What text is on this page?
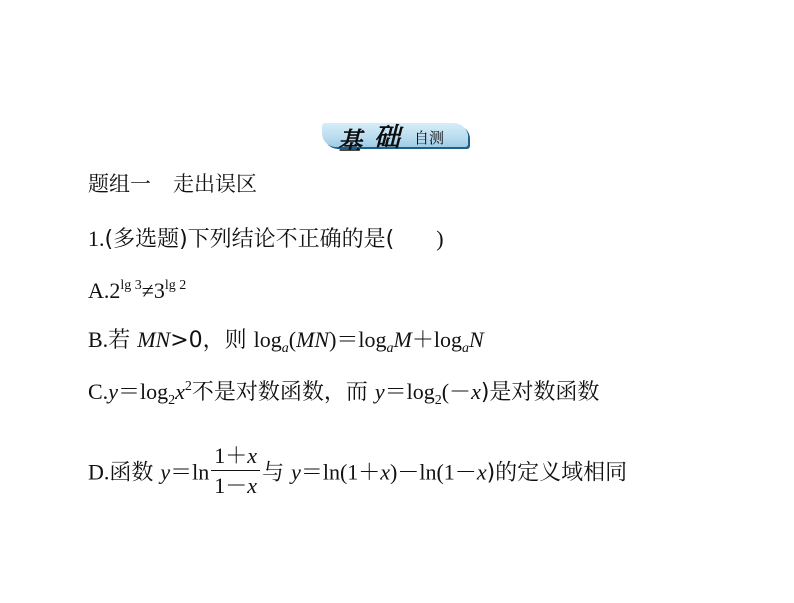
基 础 自测
题组一 走出误区
1.(多选题)下列结论不正确的是( )
$A.2^{lg 3}\ne 3^{lg 2}$
B.若 MN>0，则 $\log_a(MN)=\log_aM+\log_aN$
$C.y=\log_2x^2$不是对数函数，而 $y=\log_2(-x)$是对数函数
D.函数 $y=\ln \frac{1+x}{1-x}$ 与 y＝ln(1＋x)－ln(1－x)的定义域相同
